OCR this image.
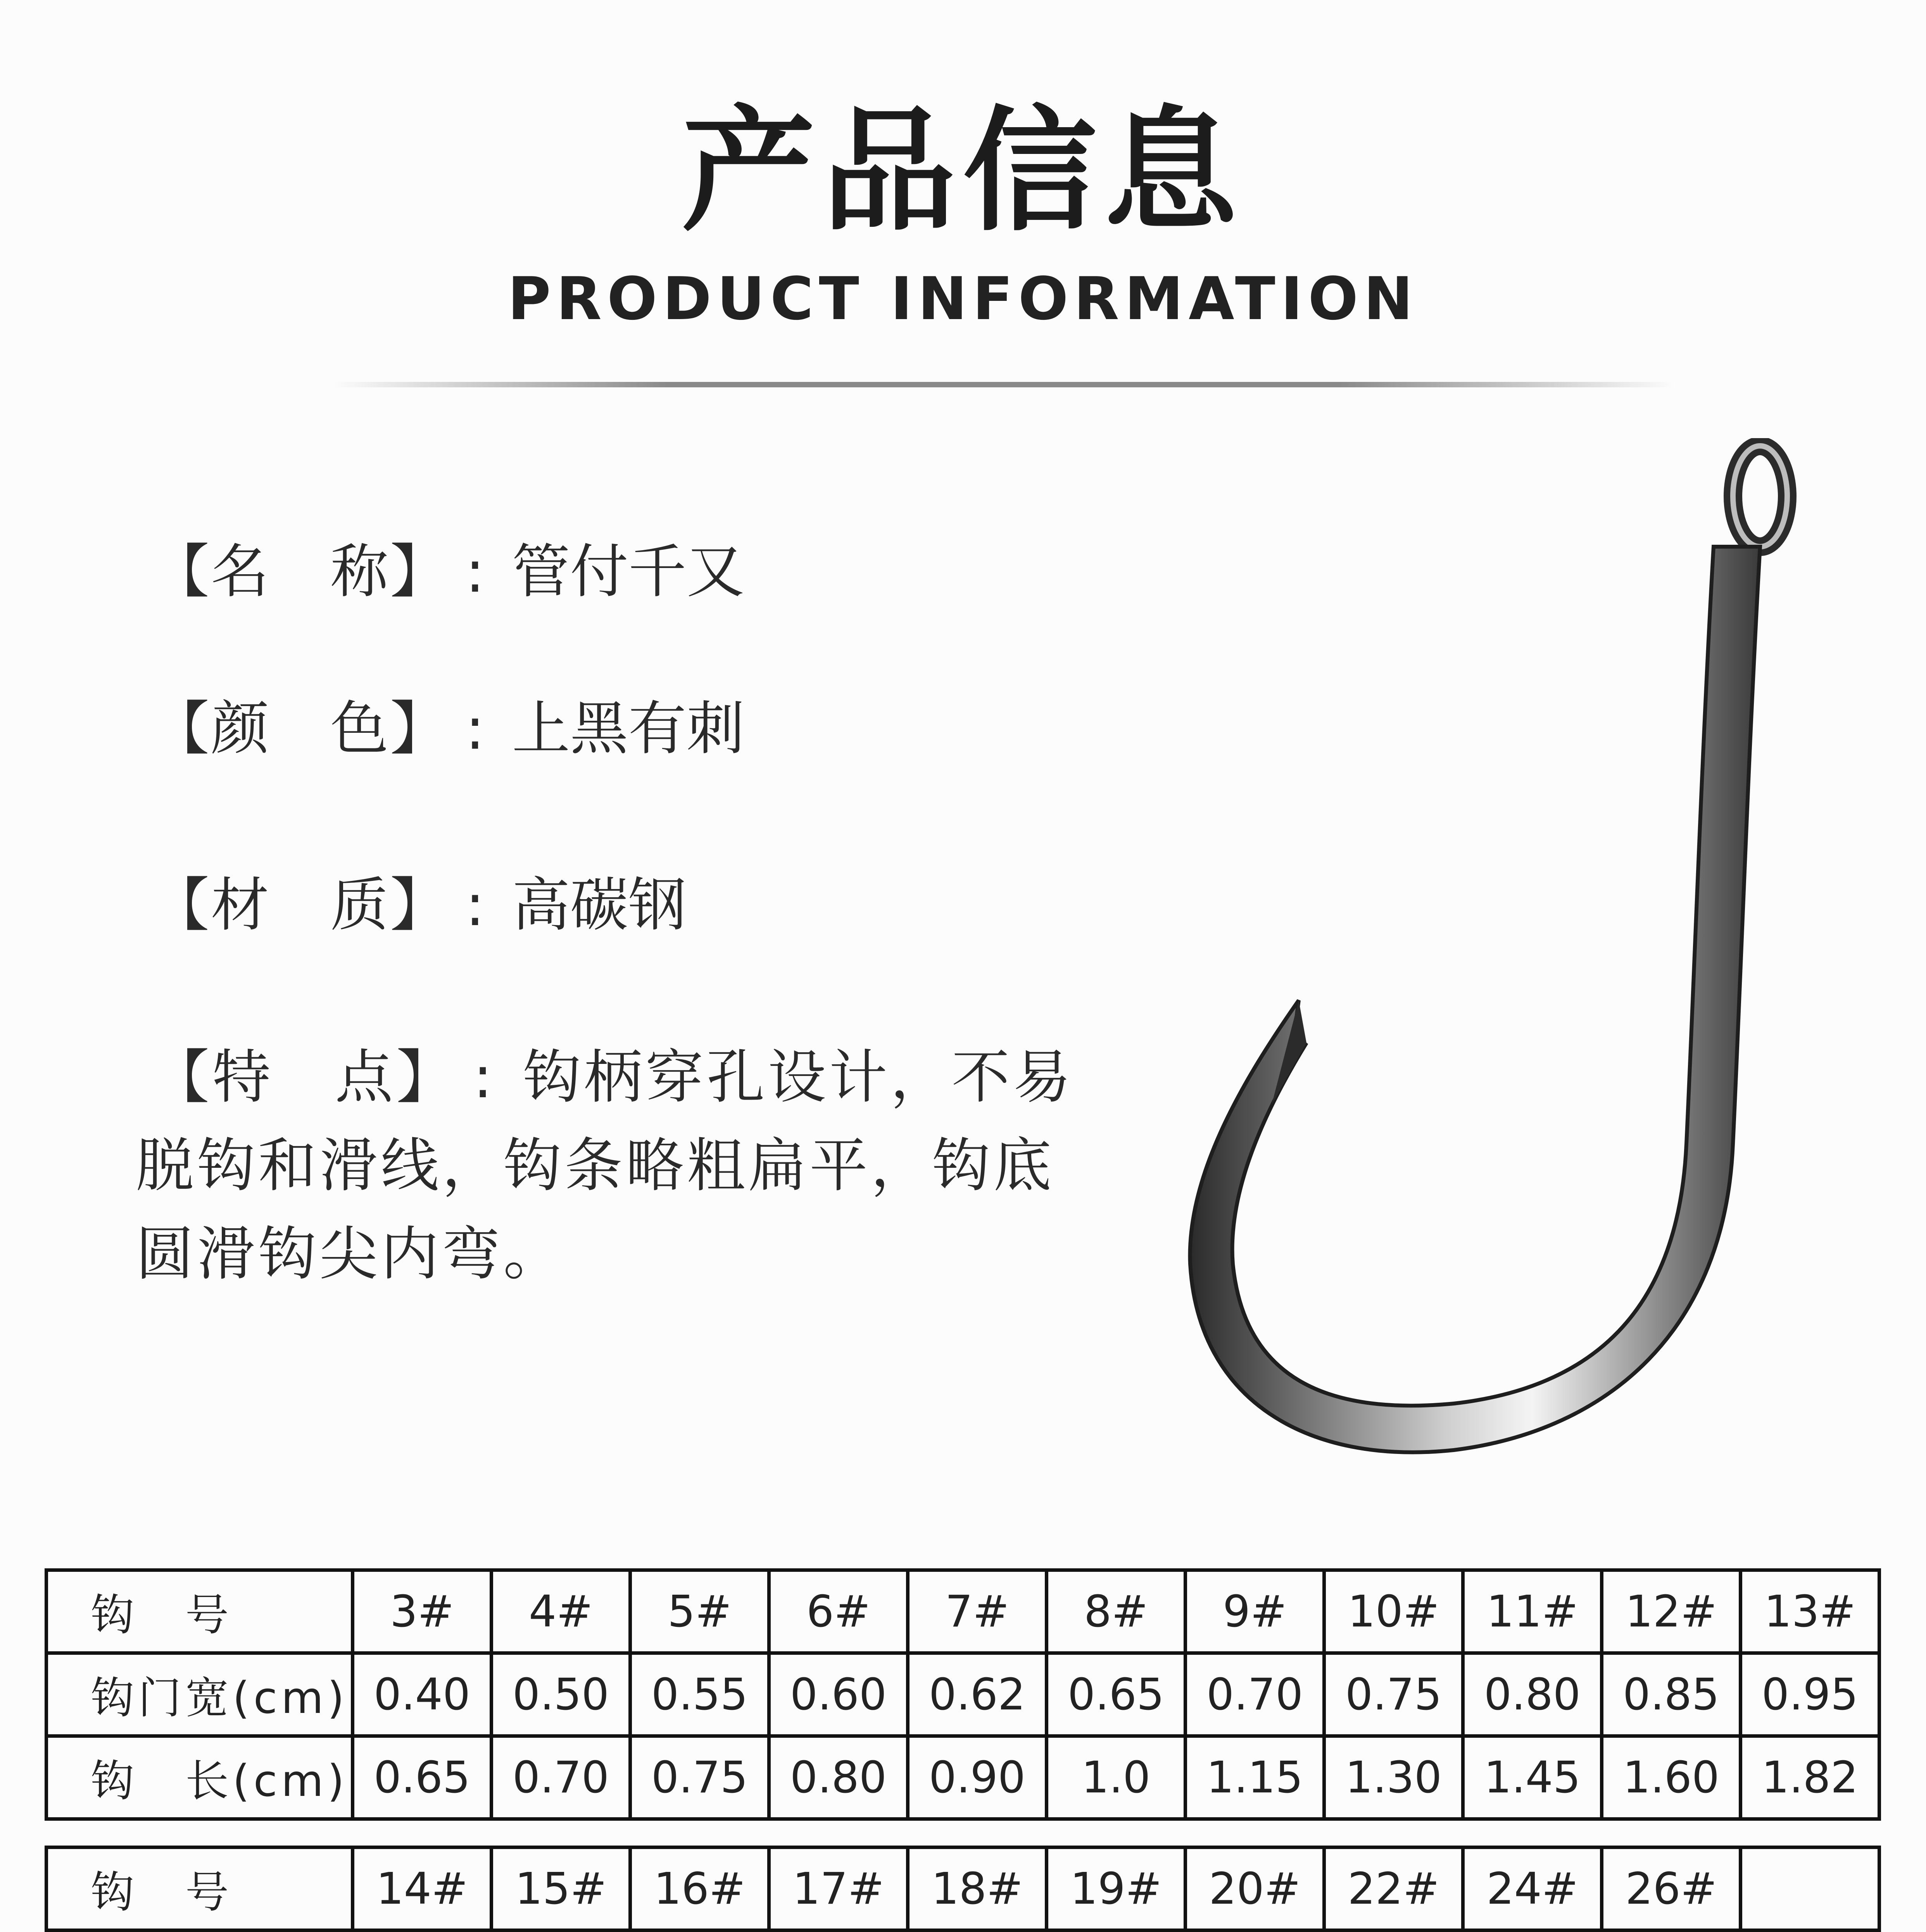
产品信息
PRODUCT INFORMATION
【名　称】 : 管付千又
【颜　色】 : 上黑有刺
【材　质】 : 高碳钢
【特　点】 : 钩柄穿孔设计，不易
脱钩和滑线，钩条略粗扁平，钩底
圆滑钩尖内弯。
钩　号	3#	4#	5#	6#	7#	8#	9#	10#	11#	12#	13#
钩门宽(cm)	0.40	0.50	0.55	0.60	0.62	0.65	0.70	0.75	0.80	0.85	0.95
钩　长(cm)	0.65	0.70	0.75	0.80	0.90	1.0	1.15	1.30	1.45	1.60	1.82
钩　号	14#	15#	16#	17#	18#	19#	20#	22#	24#	26#	
